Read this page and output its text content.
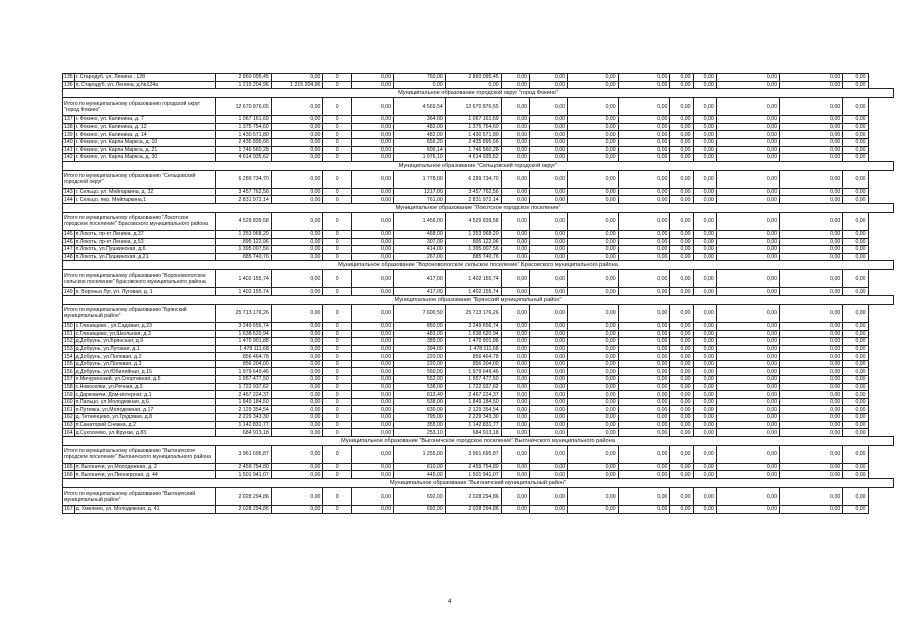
135	г. Стародуб, ул. Ленина , 128	2 860 095,45	0,00	0	0,00	760,00	2 860 095,45	0,00	0,00	0,00	0,00	0,00	0,00	0,00	0,00	0,00
136	п. Стародуб, ул. Ленина, д.№124а	1 215 204,96	1 215 204,96	0	0,00	0,00	0,00	0,00	0,00	0,00	0,00	0,00	0,00	0,00	0,00	0,00
Муниципальное образование городской округ "город Фокино"																
Итого по муниципальному образованию городской округ "город Фокино"		12 670 876,65	0,00	0	0,00	4 569,54	12 670 876,65	0,00	0,00	0,00	0,00	0,00	0,00	0,00	0,00	0,00
137	г. Фокино, ул. Калинина, д. 7	1 067 161,69	0,00	0	0,00	364,00	1 067 161,69	0,00	0,00	0,00	0,00	0,00	0,00	0,00	0,00	0,00
138	г. Фокино, ул. Калинина, д. 12	1 375 754,60	0,00	0	0,00	482,00	1 375 754,60	0,00	0,00	0,00	0,00	0,00	0,00	0,00	0,00	0,00
139	г. Фокино, ул. Калинина, д. 14	1 430 571,80	0,00	0	0,00	482,00	1 430 571,80	0,00	0,00	0,00	0,00	0,00	0,00	0,00	0,00	0,00
140	г. Фокино, ул. Карла Маркса, д. 10	2 435 895,66	0,00	0	0,00	656,20	2 435 895,66	0,00	0,00	0,00	0,00	0,00	0,00	0,00	0,00	0,00
141	г. Фокино, ул. Карла Маркса, д. 21	1 746 560,28	0,00	0	0,00	609,14	1 746 560,28	0,00	0,00	0,00	0,00	0,00	0,00	0,00	0,00	0,00
142	г. Фокино, ул. Карла Маркса, д. 30	4 614 935,62	0,00	0	0,00	1 976,10	4 614 935,62	0,00	0,00	0,00	0,00	0,00	0,00	0,00	0,00	0,00
Муниципальное образование "Сельцовский городской округ"																
Итого по муниципальному образованию "Сельцовский городской округ"		6 289 734,70	0,00	0	0,00	1 778,00	6 289 734,70	0,00	0,00	0,00	0,00	0,00	0,00	0,00	0,00	0,00
143	г. Сельцо, ул. Мейпаркина, д. 32	3 457 762,56	0,00	0	0,00	1217,00	3 457 762,56	0,00	0,00	0,00	0,00	0,00	0,00	0,00	0,00	0,00
144	г. Сельцо, пер. Мейпаркина,1	2 831 972,14	0,00	0	0,00	761,00	2 831 972,14	0,00	0,00	0,00	0,00	0,00	0,00	0,00	0,00	0,00
Муниципальное образование "Локотское городское поселение"																
Итого по муниципальному образованию "Локотское городское поселение" Брасовского муниципального района		4 529 839,58	0,00	0	0,00	1 456,00	4 529 839,58	0,00	0,00	0,00	0,00	0,00	0,00	0,00	0,00	0,00
145	п.Локоть, пр-кт Ленина, д.37	1 353 968,20	0,00	0	0,00	468,00	1 353 968,20	0,00	0,00	0,00	0,00	0,00	0,00	0,00	0,00	0,00
146	п.Локоть, пр-кт Ленина, д.53	895 122,96	0,00	0	0,00	307,00	895 122,96	0,00	0,00	0,00	0,00	0,00	0,00	0,00	0,00	0,00
147	п.Локоть, ул.Пушкинская, д.6	1 395 007,56	0,00	0	0,00	414,00	1 395 007,56	0,00	0,00	0,00	0,00	0,00	0,00	0,00	0,00	0,00
148	п.Локоть, ул.Пушкинская, д.21	885 740,76	0,00	0	0,00	267,00	885 740,76	0,00	0,00	0,00	0,00	0,00	0,00	0,00	0,00	0,00
Муниципальное образование "Вороновологское сельское поселение" Брасовского муниципального района																
Итого по муниципальному образованию "Вороновологское сельское поселение" Брасовского муниципального района		1 402 155,74	0,00	0	0,00	417,00	1 402 155,74	0,00	0,00	0,00	0,00	0,00	0,00	0,00	0,00	0,00
149	п. Воронья Луг, ул. Луговая, д. 1	1 402 155,74	0,00	0	0,00	417,00	1 402 155,74	0,00	0,00	0,00	0,00	0,00	0,00	0,00	0,00	0,00
Муниципальное образование "Брянский муниципальный район"																
Итого по муниципальному образованию "Брянский муниципальный район"		25 713 176,26	0,00	0	0,00	7 600,50	25 713 176,26	0,00	0,00	0,00	0,00	0,00	0,00	0,00	0,00	0,00
150	с.Глинищево , ул.Садовая, д.23	3 249 656,74	0,00	0	0,00	860,00	3 249 656,74	0,00	0,00	0,00	0,00	0,00	0,00	0,00	0,00	0,00
151	с.Глинищево, ул.Школьная, д.3	1 638 620,94	0,00	0	0,00	483,00	1 638 620,94	0,00	0,00	0,00	0,00	0,00	0,00	0,00	0,00	0,00
152	д.Добрунь, ул.Брянская, д.9	1 470 901,88	0,00	0	0,00	389,00	1 470 901,88	0,00	0,00	0,00	0,00	0,00	0,00	0,00	0,00	0,00
153	д.Добрунь, ул.Луговая, д.1	1 478 111,68	0,00	0	0,00	394,00	1 478 111,68	0,00	0,00	0,00	0,00	0,00	0,00	0,00	0,00	0,00
154	д.Добрунь, ул.Полевая, д.2	856 464,78	0,00	0	0,00	220,00	856 464,78	0,00	0,00	0,00	0,00	0,00	0,00	0,00	0,00	0,00
155	д.Добрунь, ул.Полевая, д.3	856 204,00	0,00	0	0,00	220,00	856 204,00	0,00	0,00	0,00	0,00	0,00	0,00	0,00	0,00	0,00
156	д.Добрунь, ул.Юбилейная, д.15	1 979 649,46	0,00	0	0,00	560,00	1 979 649,46	0,00	0,00	0,00	0,00	0,00	0,00	0,00	0,00	0,00
157	п.Мичуринский, ул.Спортивная, д.5	1 957 477,50	0,00	0	0,00	552,00	1 957 477,50	0,00	0,00	0,00	0,00	0,00	0,00	0,00	0,00	0,00
158	с.Новоселки, ул.Речная, д.3	1 722 937,62	0,00	0	0,00	538,00	1 722 937,62	0,00	0,00	0,00	0,00	0,00	0,00	0,00	0,00	0,00
159	с.Дарковичи, Дом-интернат, д.1	2 467 224,37	0,00	0	0,00	813,40	2 467 224,37	0,00	0,00	0,00	0,00	0,00	0,00	0,00	0,00	0,00
160	п.Пальцо, ул.Молодежная, д.6	1 849 184,50	0,00	0	0,00	538,00	1 849 184,50	0,00	0,00	0,00	0,00	0,00	0,00	0,00	0,00	0,00
161	п.Путевка, ул.Молодежная, д.17	2 129 354,54	0,00	0	0,00	630,00	2 129 354,54	0,00	0,00	0,00	0,00	0,00	0,00	0,00	0,00	0,00
162	д. Тетнинцево, ул.Трудовая, д.8	2 229 343,30	0,00	0	0,00	795,00	2 229 343,30	0,00	0,00	0,00	0,00	0,00	0,00	0,00	0,00	0,00
163	п.Санаторий Снежка, д.2	1 142 831,77	0,00	0	0,00	355,00	1 142 831,77	0,00	0,00	0,00	0,00	0,00	0,00	0,00	0,00	0,00
164	д.Сухосеево, ул.Фрунзе, д.83	684 913,18	0,00	0	0,00	253,10	684 913,18	0,00	0,00	0,00	0,00	0,00	0,00	0,00	0,00	0,00
Муниципальное образование "Выгоничское городское поселение" Выгоничского муниципального района																
Итого по муниципальному образованию "Выгоничское городское поселение" Выгоничского муниципального района		3 961 695,87	0,00	0	0,00	1 255,00	3 961 695,87	0,00	0,00	0,00	0,00	0,00	0,00	0,00	0,00	0,00
165	п. Выгоничи, ул.Молодежная, д. 2	2 459 754,80	0,00	0	0,00	810,00	2 459 754,80	0,00	0,00	0,00	0,00	0,00	0,00	0,00	0,00	0,00
166	п. Выгоничи, ул.Пионерская, д. 44	1 501 941,07	0,00	0	0,00	445,00	1 501 941,07	0,00	0,00	0,00	0,00	0,00	0,00	0,00	0,00	0,00
Муниципальное образование "Выгоничский муниципальный район"																
Итого по муниципальному образованию "Выгоничский муниципальный район"		2 028 294,86	0,00	0	0,00	692,00	2 028 294,86	0,00	0,00	0,00	0,00	0,00	0,00	0,00	0,00	0,00
167	д. Хмелево, ул. Молодежная, д. 41	2 028 294,86	0,00	0	0,00	692,00	2 028 294,86	0,00	0,00	0,00	0,00	0,00	0,00	0,00	0,00	0,00
4
